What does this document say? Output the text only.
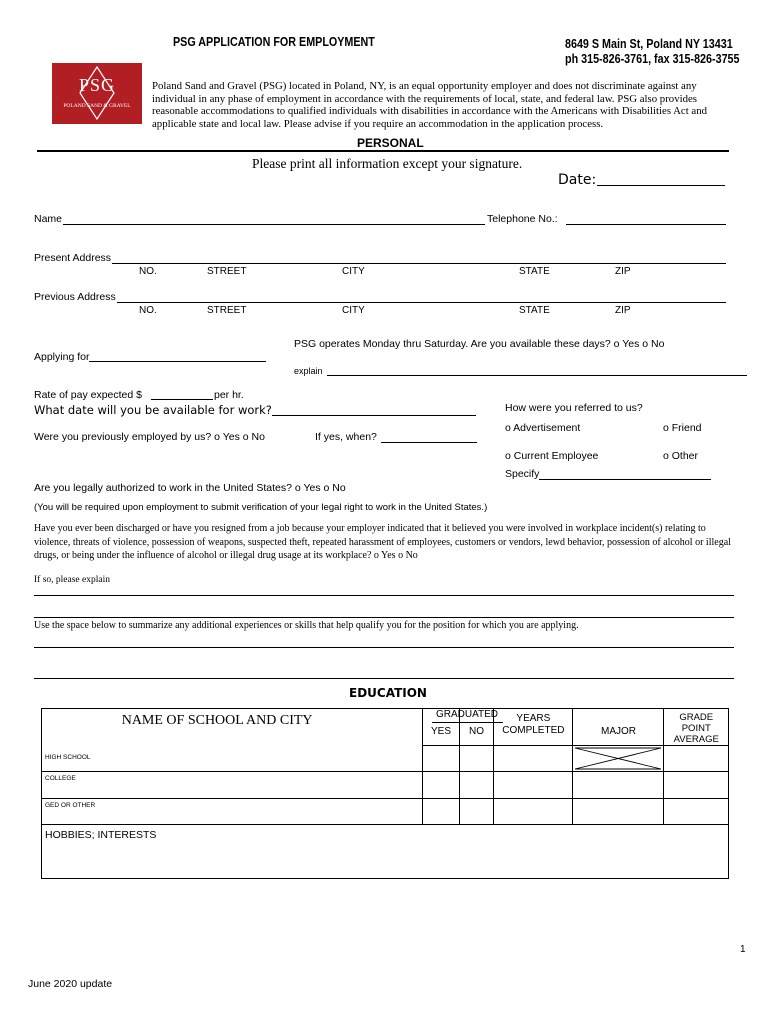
PSG APPLICATION FOR EMPLOYMENT	8649 S Main St, Poland NY 13431
ph 315-826-3761, fax 315-826-3755
PSG
POLAND SAND & GRAVEL
Poland Sand and Gravel (PSG) located in Poland, NY, is an equal opportunity employer and does not discriminate against any individual in any phase of employment in accordance with the requirements of local, state, and federal law. PSG also provides reasonable accommodations to qualified individuals with disabilities in accordance with the Americans with Disabilities Act and applicable state and local law. Please advise if you require an accommodation in the application process.
PERSONAL
Please print all information except your signature.
Date:
Name	Telephone No.:
Present Address
NO.	STREET	CITY	STATE	ZIP
Previous Address
NO.	STREET	CITY	STATE	ZIP
PSG operates Monday thru Saturday. Are you available these days? o Yes o No
Applying for
explain
Rate of pay expected $	per hr.
What date will you be available for work?	How were you referred to us?
o Advertisement	o Friend
o Current Employee	o Other
Specify
Were you previously employed by us? o Yes o No	If yes, when?
Are you legally authorized to work in the United States? o Yes o No
(You will be required upon employment to submit verification of your legal right to work in the United States.)
Have you ever been discharged or have you resigned from a job because your employer indicated that it believed you were involved in workplace incident(s) relating to violence, threats of violence, possession of weapons, suspected theft, repeated harassment of employees, customers or vendors, lewd behavior, possession of alcohol or illegal drugs, or being under the influence of alcohol or illegal drug usage at its workplace? o Yes o No
If so, please explain
Use the space below to summarize any additional experiences or skills that help qualify you for the position for which you are applying.
EDUCATION
NAME OF SCHOOL AND CITY	YES	NO	YEARS COMPLETED	MAJOR	GRADE POINT AVERAGE

HIGH SCHOOL

COLLEGE					

GED OR OTHER					

HOBBIES; INTERESTS					
GRADUATED
1
June 2020 update
